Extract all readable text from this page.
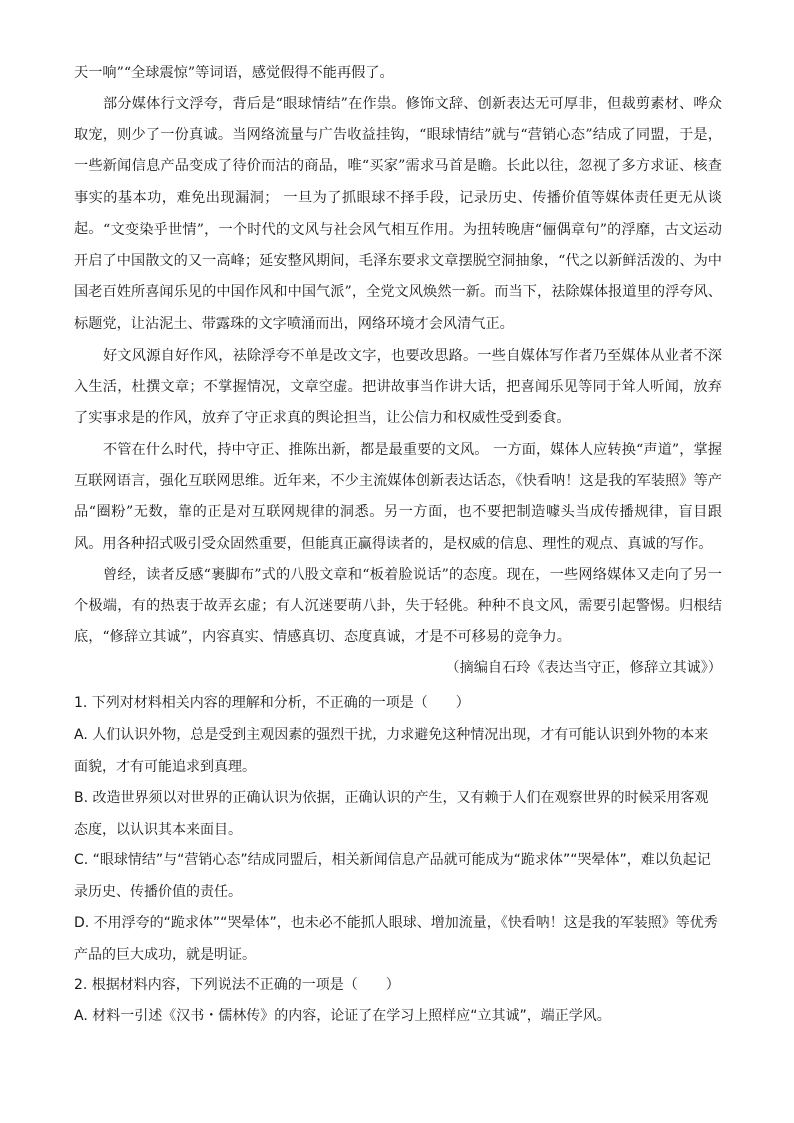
天一响”“全球震惊”等词语，感觉假得不能再假了。

部分媒体行文浮夸，背后是“眼球情结”在作祟。修饰文辞、创新表达无可厚非，但裁剪素材、哗众取宠，则少了一份真诚。当网络流量与广告收益挂钩，“眼球情结”就与“营销心态”结成了同盟，于是，一些新闻信息产品变成了待价而沽的商品，唯“买家”需求马首是瞻。长此以往，忽视了多方求证、核查事实的基本功，难免出现漏洞； 一旦为了抓眼球不择手段，记录历史、传播价值等媒体责任更无从谈起。 “文变染乎世情”，一个时代的文风与社会风气相互作用。为扭转晚唐“俪偶章句”的浮靡，古文运动开启了中国散文的又一高峰；延安整风期间，毛泽东要求文章摆脱空洞抽象，“代之以新鲜活泼的、为中国老百姓所喜闻乐见的中国作风和中国气派”，全党文风焕然一新。而当下，祛除媒体报道里的浮夸风、标题党，让沾泥土、带露珠的文字喷涌而出，网络环境才会风清气正。

好文风源自好作风，祛除浮夸不单是改文字，也要改思路。一些自媒体写作者乃至媒体从业者不深入生活，杜撰文章；不掌握情况，文章空虚。把讲故事当作讲大话，把喜闻乐见等同于耸人听闻，放弃了实事求是的作风，放弃了守正求真的舆论担当，让公信力和权威性受到委食。

不管在什么时代，持中守正、推陈出新，都是最重要的文风。 一方面，媒体人应转换“声道”，掌握互联网语言，强化互联网思维。近年来，不少主流媒体创新表达话态，《快看呐！这是我的军装照》等产品“圈粉”无数，靠的正是对互联网规律的洞悉。另一方面，也不要把制造噱头当成传播规律，盲目跟风。用各种招式吸引受众固然重要，但能真正赢得读者的，是权威的信息、理性的观点、真诚的写作。

曾经，读者反感“裹脚布”式的八股文章和“板着脸说话”的态度。现在，一些网络媒体又走向了另一个极端，有的热衷于故弄玄虚；有人沉迷要萌八卦，失于轻佻。种种不良文风，需要引起警惕。归根结底，“修辞立其诚”，内容真实、情感真切、态度真诚，才是不可移易的竞争力。

（摘编自石玲《表达当守正，修辞立其诚》）

1. 下列对材料相关内容的理解和分析，不正确的一项是（　　）

A. 人们认识外物，总是受到主观因素的强烈干扰，力求避免这种情况出现，才有可能认识到外物的本来面貌，才有可能追求到真理。

B. 改造世界须以对世界的正确认识为依据，正确认识的产生，又有赖于人们在观察世界的时候采用客观态度，以认识其本来面目。

C. “眼球情结”与“营销心态”结成同盟后，相关新闻信息产品就可能成为“跪求体”“哭晕体”，难以负起记录历史、传播价值的责任。

D. 不用浮夸的“跪求体”“哭晕体”，也未必不能抓人眼球、增加流量，《快看呐！这是我的军装照》等优秀产品的巨大成功，就是明证。

2. 根据材料内容，下列说法不正确的一项是（　　）

A. 材料一引述《汉书・儒林传》的内容，论证了在学习上照样应“立其诚”，端正学风。
